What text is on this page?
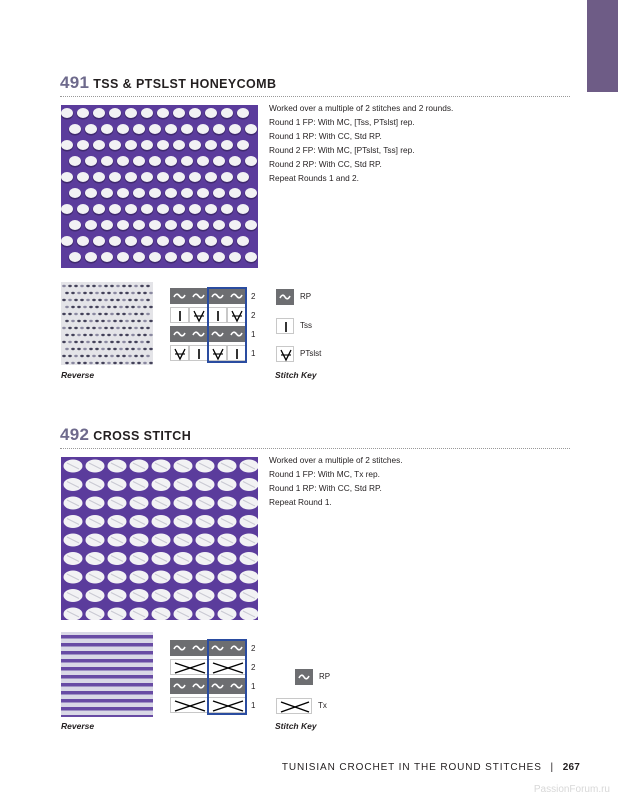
491 TSS & PTSLST HONEYCOMB
Worked over a multiple of 2 stitches and 2 rounds.
Round 1 FP: With MC, [Tss, PTslst] rep.
Round 1 RP: With CC, Std RP.
Round 2 FP: With MC, [PTslst, Tss] rep.
Round 2 RP: With CC, Std RP.
Repeat Rounds 1 and 2.
Reverse
2
2
1
1
RP
Tss
PTslst
Stitch Key
492 CROSS STITCH
Worked over a multiple of 2 stitches.
Round 1 FP: With MC, Tx rep.
Round 1 RP: With CC, Std RP.
Repeat Round 1.
Reverse
2
2
1
1
RP
Tx
Stitch Key
TUNISIAN CROCHET IN THE ROUND STITCHES | 267
PassionForum.ru
